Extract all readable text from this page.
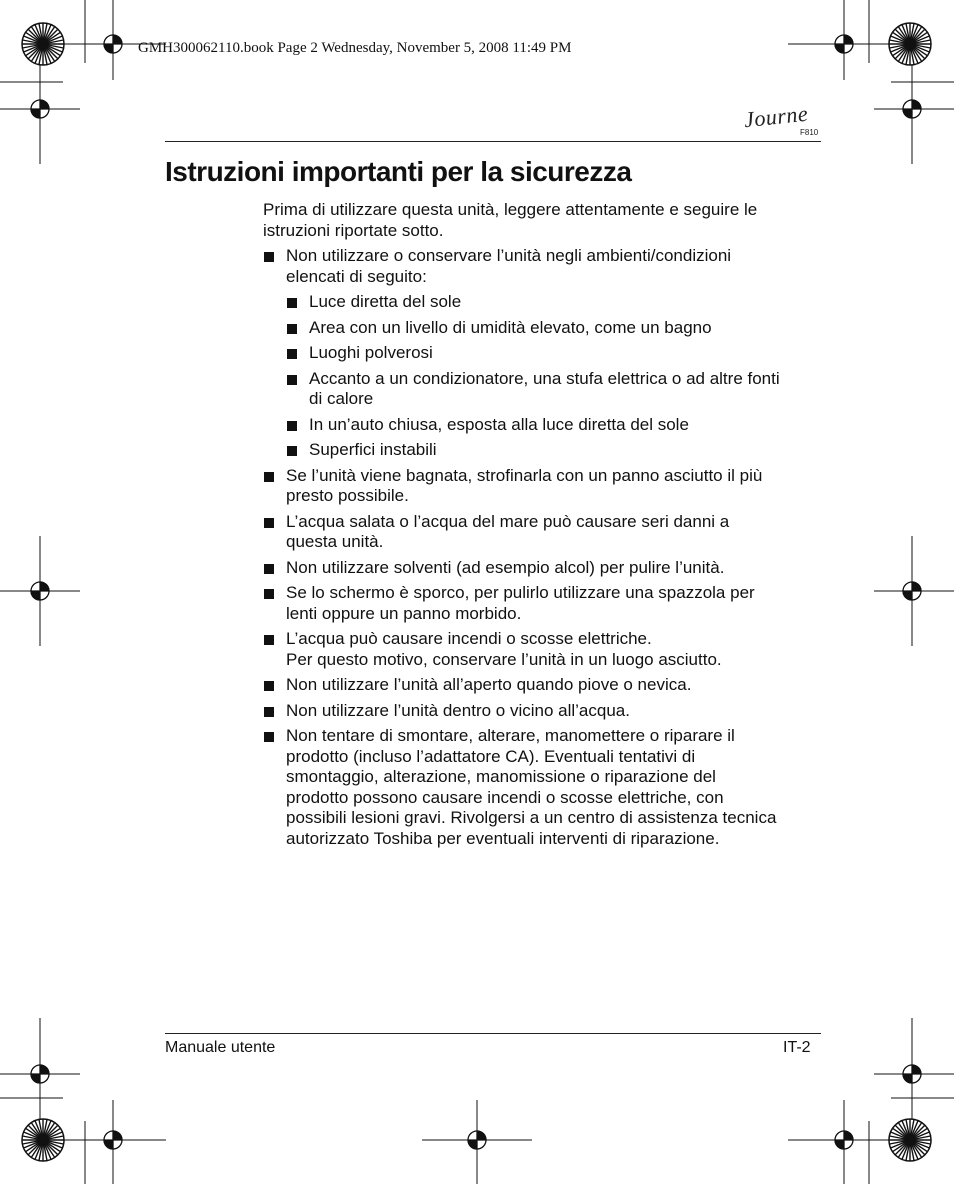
GMH300062110.book Page 2 Wednesday, November 5, 2008 11:49 PM
Journe
F810
Istruzioni importanti per la sicurezza

Prima di utilizzare questa unità, leggere attentamente e seguire le
istruzioni riportate sotto.

Non utilizzare o conservare l’unità negli ambienti/condizioni
elencati di seguito:
Luce diretta del sole
Area con un livello di umidità elevato, come un bagno
Luoghi polverosi
Accanto a un condizionatore, una stufa elettrica o ad altre fonti
di calore
In un’auto chiusa, esposta alla luce diretta del sole
Superfici instabili
Se l’unità viene bagnata, strofinarla con un panno asciutto il più
presto possibile.
L’acqua salata o l’acqua del mare può causare seri danni a
questa unità.
Non utilizzare solventi (ad esempio alcol) per pulire l’unità.
Se lo schermo è sporco, per pulirlo utilizzare una spazzola per
lenti oppure un panno morbido.
L’acqua può causare incendi o scosse elettriche.
Per questo motivo, conservare l’unità in un luogo asciutto.
Non utilizzare l’unità all’aperto quando piove o nevica.
Non utilizzare l’unità dentro o vicino all’acqua.
Non tentare di smontare, alterare, manomettere o riparare il
prodotto (incluso l’adattatore CA). Eventuali tentativi di
smontaggio, alterazione, manomissione o riparazione del
prodotto possono causare incendi o scosse elettriche, con
possibili lesioni gravi. Rivolgersi a un centro di assistenza tecnica
autorizzato Toshiba per eventuali interventi di riparazione.
Manuale utente	IT-2
